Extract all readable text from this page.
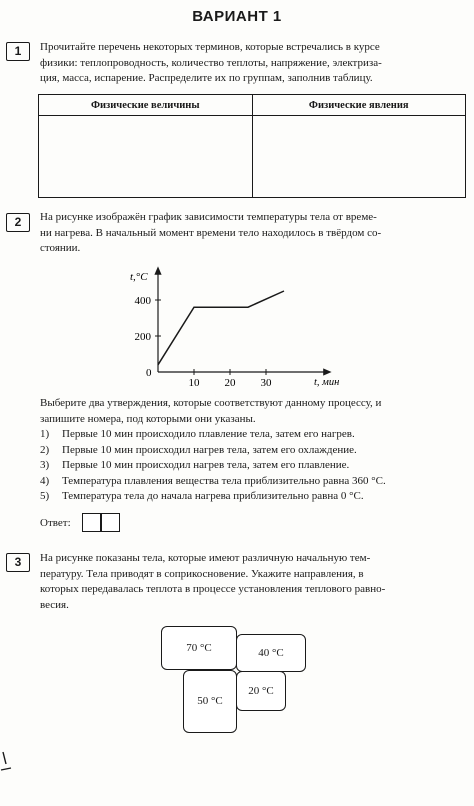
ВАРИАНТ 1
1	Прочитайте перечень некоторых терминов, которые встречались в курсе
физики: теплопроводность, количество теплоты, напряжение, электриза-
ция, масса, испарение. Распределите их по группам, заполнив таблицу.
Физические величины	Физические явления

2	На рисунке изображён график зависимости температуры тела от време-
ни нагрева. В начальный момент времени тело находилось в твёрдом со-
стоянии.
10 20 30
400
200
t,°C
t, мин
0
Выберите два утверждения, которые соответствуют данному процессу, и
запишите номера, под которыми они указаны.
1) Первые 10 мин происходило плавление тела, затем его нагрев.
2) Первые 10 мин происходил нагрев тела, затем его охлаждение.
3) Первые 10 мин происходил нагрев тела, затем его плавление.
4) Температура плавления вещества тела приблизительно равна 360 °С.
5) Температура тела до начала нагрева приблизительно равна 0 °С.
Ответ:
3	На рисунке показаны тела, которые имеют различную начальную тем-
пературу. Тела приводят в соприкосновение. Укажите направления, в
которых передавалась теплота в процессе установления теплового равно-
весия.
70 °C	40 °C
20 °C
50 °C
